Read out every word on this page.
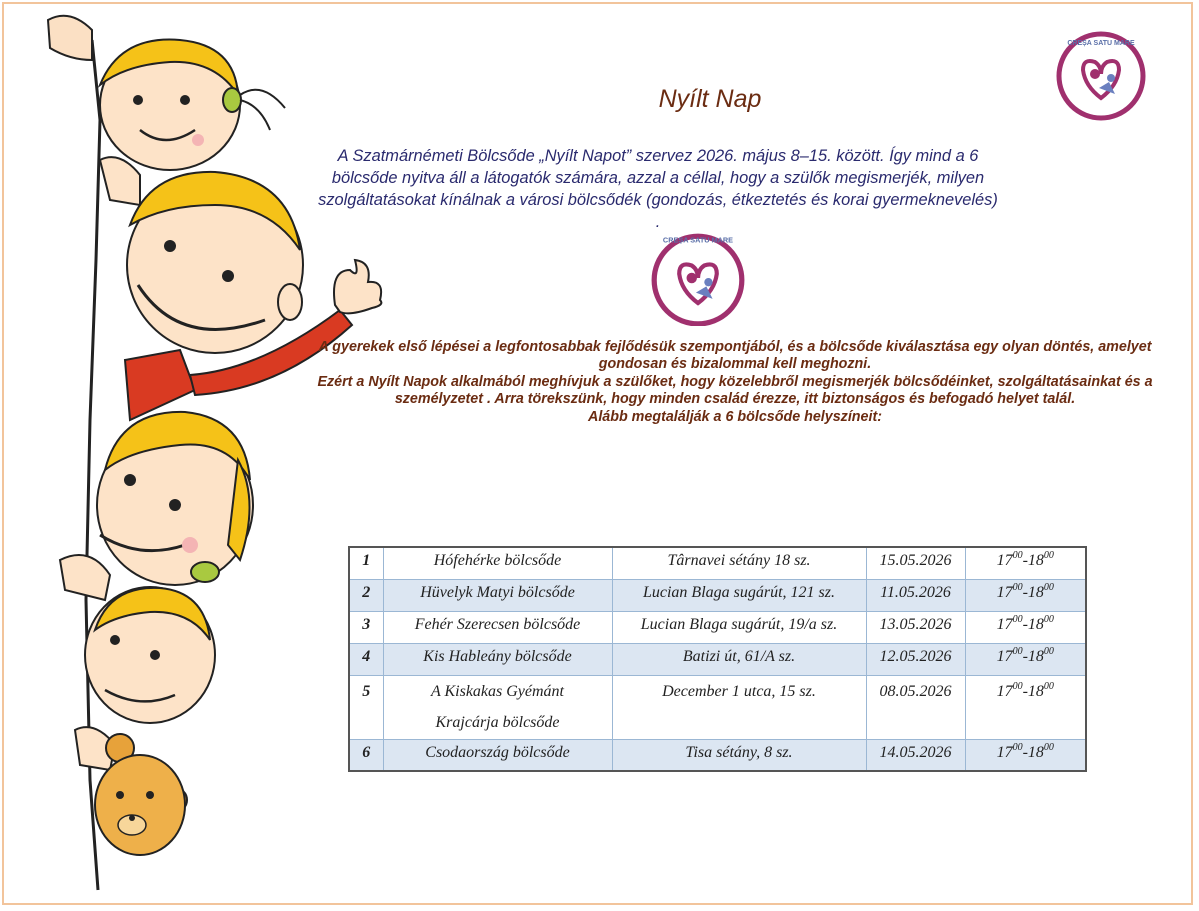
CREȘA SATU MARE
Nyílt Nap
A Szatmárnémeti Bölcsőde „Nyílt Napot” szervez 2026. május 8–15. között. Így mind a 6 bölcsőde nyitva áll a látogatók számára, azzal a céllal, hogy a szülők megismerjék, milyen szolgáltatásokat kínálnak a városi bölcsődék (gondozás, étkeztetés és korai gyermeknevelés) .
CREȘA SATU MARE

A gyerekek első lépései a legfontosabbak fejlődésük szempontjából, és a bölcsőde kiválasztása egy olyan döntés, amelyet gondosan és bizalommal kell meghozni.

Ezért a Nyílt Napok alkalmából meghívjuk a szülőket, hogy közelebbről megismerjék bölcsődéinket, szolgáltatásainkat és a személyzetet . Arra törekszünk, hogy minden család érezze, itt biztonságos és befogadó helyet talál.

Alább megtalálják a 6 bölcsőde helyszíneit:

1	Hófehérke bölcsőde	Târnavei sétány 18 sz.	15.05.2026	$17^{00}-18^{00}$
2	Hüvelyk Matyi bölcsőde	Lucian Blaga sugárút, 121 sz.	11.05.2026	$17^{00}-18^{00}$
3	Fehér Szerecsen bölcsőde	Lucian Blaga sugárút, 19/a sz.	13.05.2026	$17^{00}-18^{00}$
4	Kis Hableány bölcsőde	Batizi út, 61/A sz.	12.05.2026	$17^{00}-18^{00}$
5	A Kiskakas Gyémánt
Krajcárja bölcsőde	December 1 utca, 15 sz.	08.05.2026	$17^{00}-18^{00}$
6	Csodaország bölcsőde	Tisa sétány, 8 sz.	14.05.2026	$17^{00}-18^{00}$
